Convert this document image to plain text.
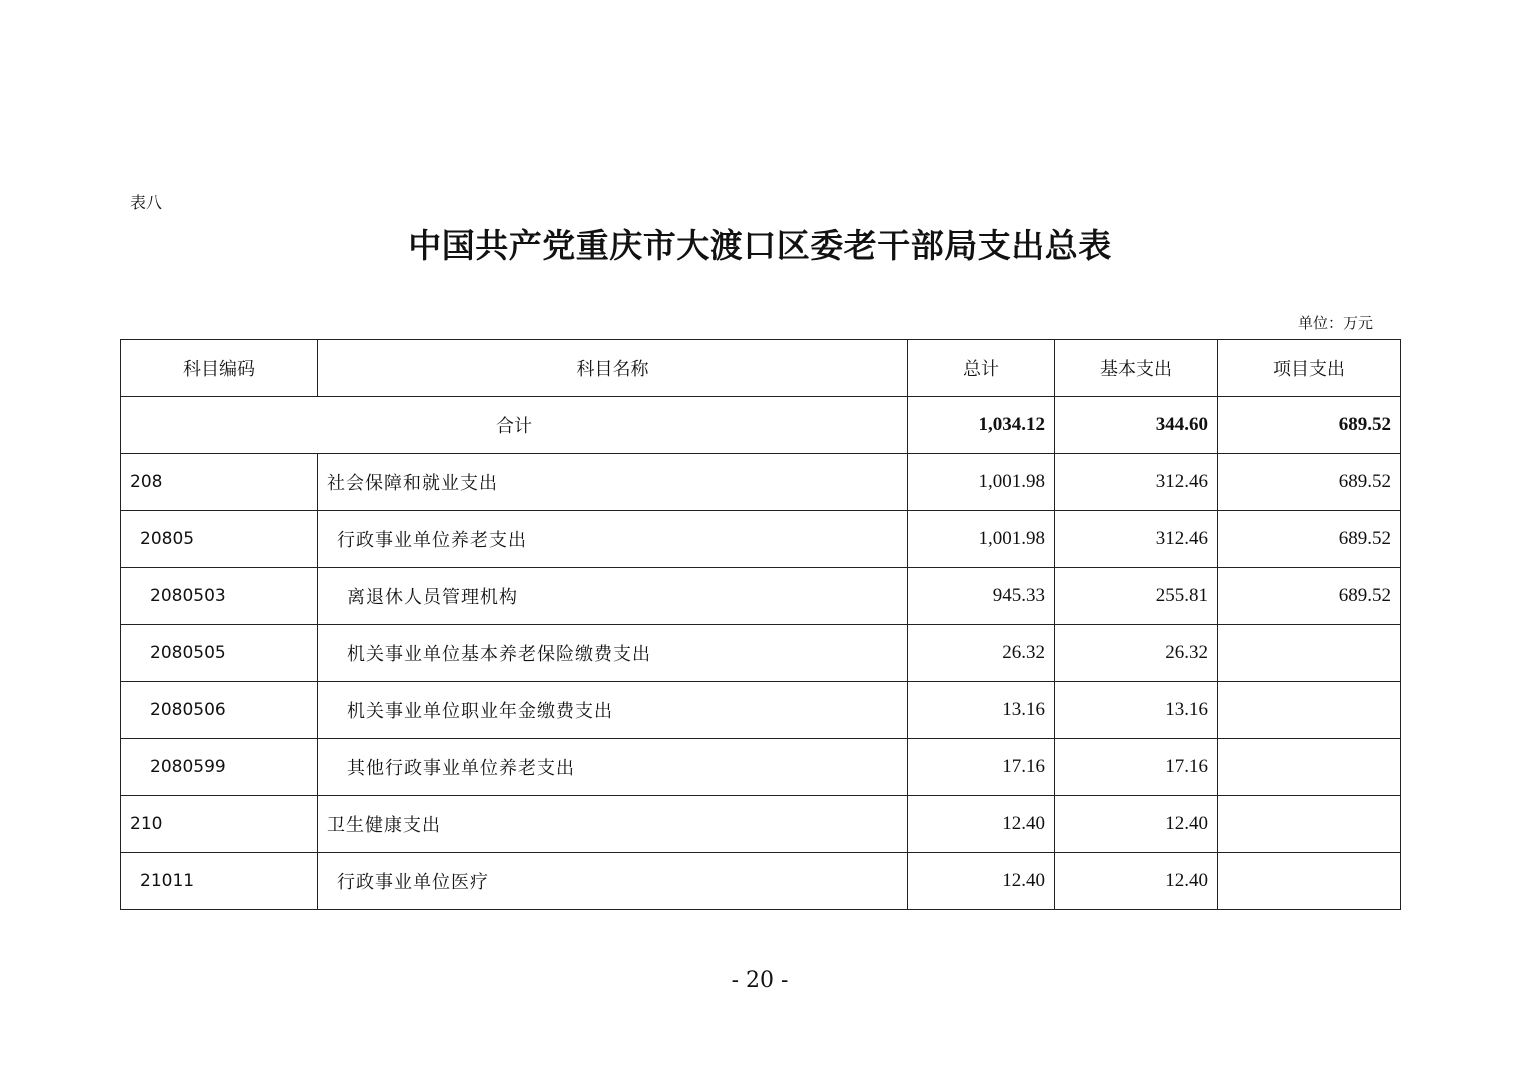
表八
中国共产党重庆市大渡口区委老干部局支出总表
单位：万元
科目编码	科目名称	总计	基本支出	项目支出
合计		1,034.12	344.60	689.52
208	社会保障和就业支出	1,001.98	312.46	689.52
20805	行政事业单位养老支出	1,001.98	312.46	689.52
2080503	离退休人员管理机构	945.33	255.81	689.52
2080505	机关事业单位基本养老保险缴费支出	26.32	26.32	
2080506	机关事业单位职业年金缴费支出	13.16	13.16	
2080599	其他行政事业单位养老支出	17.16	17.16	
210	卫生健康支出	12.40	12.40	
21011	行政事业单位医疗	12.40	12.40	
- 20 -
